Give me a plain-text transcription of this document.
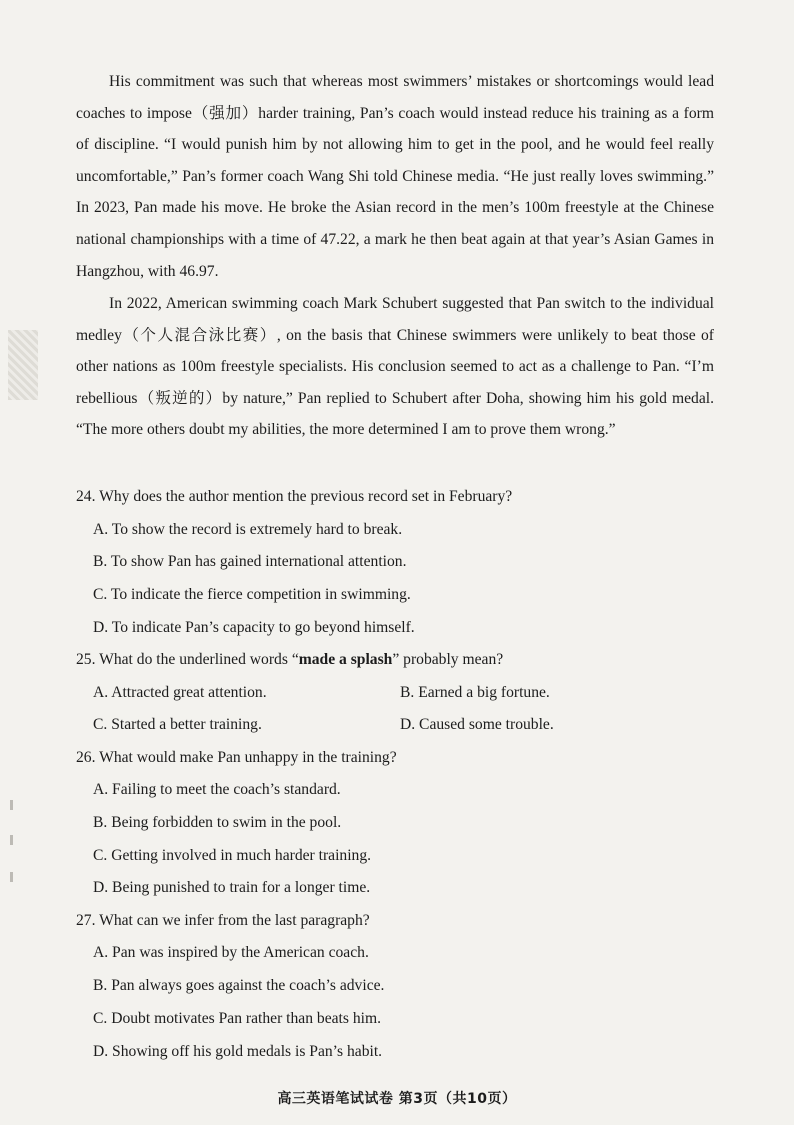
His commitment was such that whereas most swimmers’ mistakes or shortcomings would lead coaches to impose（强加）harder training, Pan’s coach would instead reduce his training as a form of discipline. “I would punish him by not allowing him to get in the pool, and he would feel really uncomfortable,” Pan’s former coach Wang Shi told Chinese media. “He just really loves swimming.” In 2023, Pan made his move. He broke the Asian record in the men’s 100m freestyle at the Chinese national championships with a time of 47.22, a mark he then beat again at that year’s Asian Games in Hangzhou, with 46.97.
In 2022, American swimming coach Mark Schubert suggested that Pan switch to the individual medley（个人混合泳比赛）, on the basis that Chinese swimmers were unlikely to beat those of other nations as 100m freestyle specialists. His conclusion seemed to act as a challenge to Pan. “I’m rebellious（叛逆的）by nature,” Pan replied to Schubert after Doha, showing him his gold medal. “The more others doubt my abilities, the more determined I am to prove them wrong.”
24. Why does the author mention the previous record set in February?
A. To show the record is extremely hard to break.
B. To show Pan has gained international attention.
C. To indicate the fierce competition in swimming.
D. To indicate Pan’s capacity to go beyond himself.
25. What do the underlined words “made a splash” probably mean?
A. Attracted great attention.	B. Earned a big fortune.
C. Started a better training.	D. Caused some trouble.
26. What would make Pan unhappy in the training?
A. Failing to meet the coach’s standard.
B. Being forbidden to swim in the pool.
C. Getting involved in much harder training.
D. Being punished to train for a longer time.
27. What can we infer from the last paragraph?
A. Pan was inspired by the American coach.
B. Pan always goes against the coach’s advice.
C. Doubt motivates Pan rather than beats him.
D. Showing off his gold medals is Pan’s habit.
高三英语笔试试卷 第3页（共10页）
